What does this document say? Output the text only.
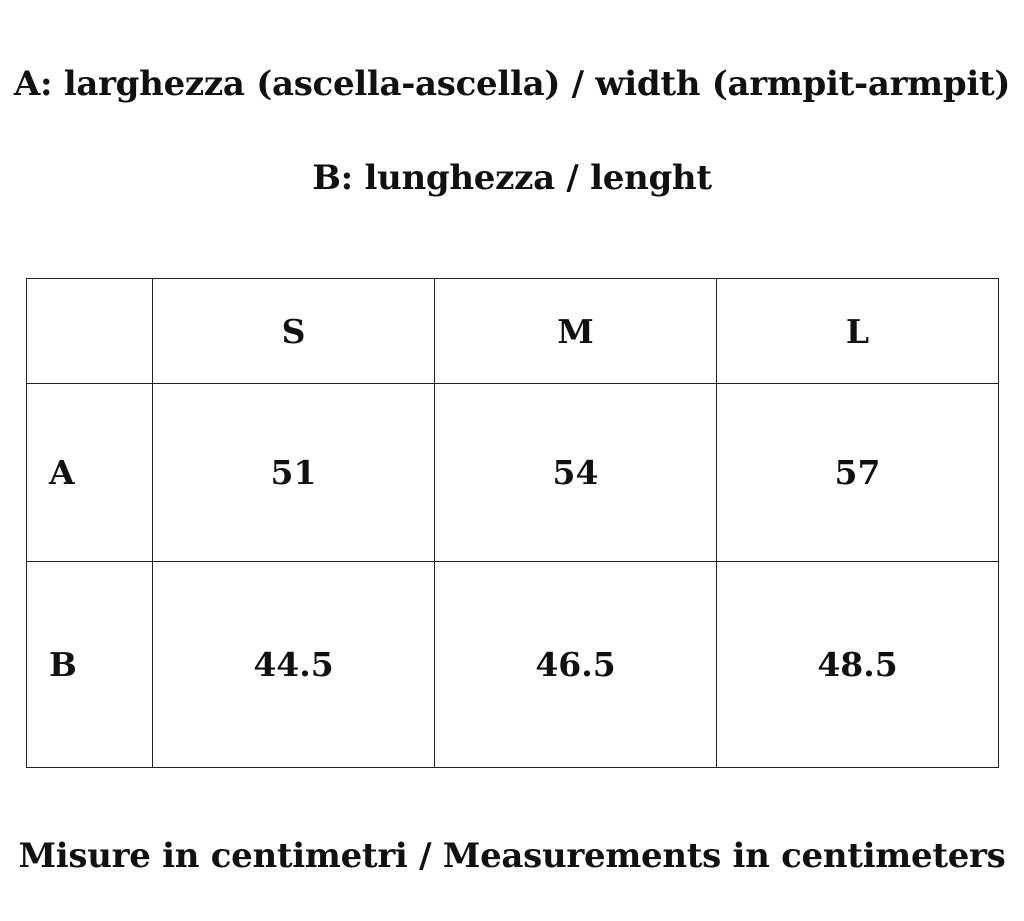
A: larghezza (ascella-ascella) / width (armpit-armpit)
B: lunghezza / lenght
	S	M	L
A	51	54	57
B	44.5	46.5	48.5
Misure in centimetri / Measurements in centimeters
